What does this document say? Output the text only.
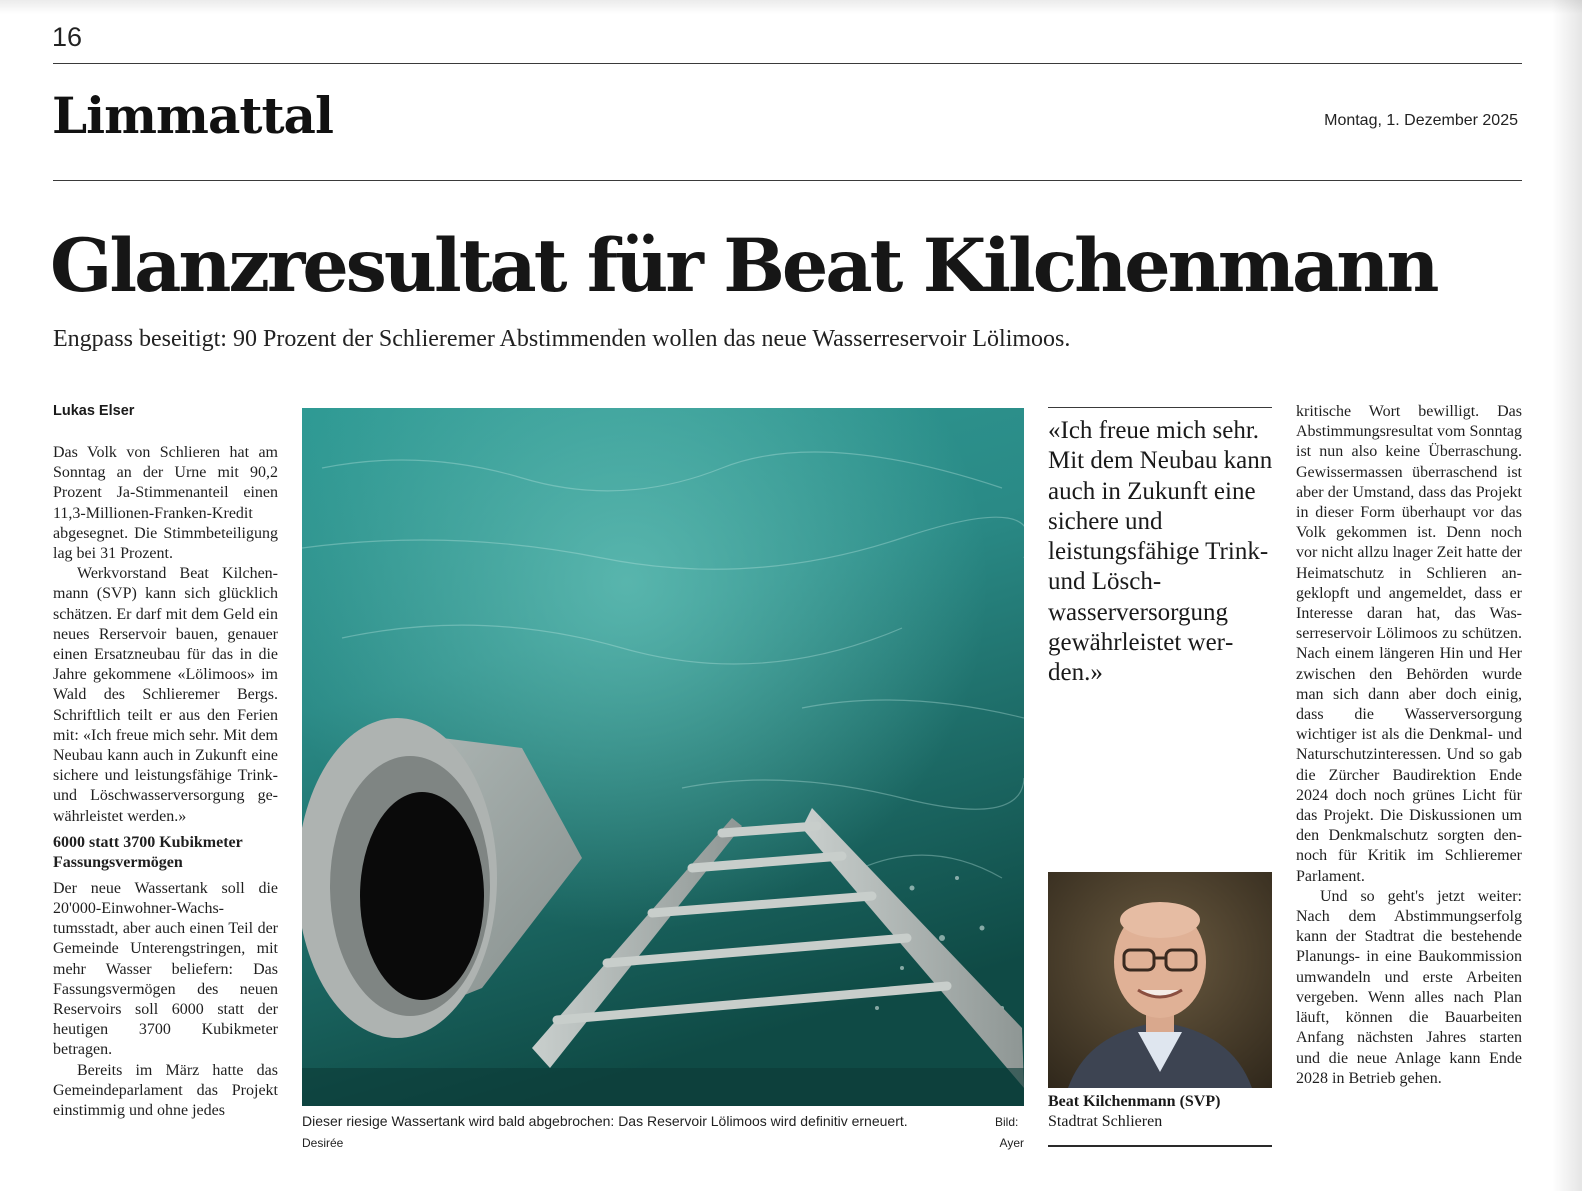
16
Limmattal	Montag, 1. Dezember 2025
Glanzresultat für Beat Kilchenmann
Engpass beseitigt: 90 Prozent der Schlieremer Abstimmenden wollen das neue Wasserreservoir Lölimoos.
Lukas Elser

Das Volk von Schlieren hat am Sonntag an der Urne mit 90,2 Prozent Ja-Stimmenanteil einen 11,3-Millionen-Franken-Kredit abgesegnet. Die Stimmbeteiligung lag bei 31 Prozent.

Werkvorstand Beat Kilchenmann (SVP) kann sich glücklich schätzen. Er darf mit dem Geld ein neues Rerservoir bauen, genauer einen Ersatzneubau für das in die Jahre gekommene «Lölimoos» im Wald des Schlieremer Bergs. Schriftlich teilt er aus den Ferien mit: «Ich freue mich sehr. Mit dem Neubau kann auch in Zukunft eine sichere und leistungsfähige Trink- und Löschwasserversorgung gewährleistet werden.»

6000 statt 3700 Kubikmeter Fassungsvermögen

Der neue Wassertank soll die 20'000-Einwohner-Wachstumsstadt, aber auch einen Teil der Gemeinde Unterengstringen, mit mehr Wasser beliefern: Das Fassungsvermögen des neuen Reservoirs soll 6000 statt der heutigen 3700 Kubikmeter betragen.

Bereits im März hatte das Gemeindeparlament das Projekt einstimmig und ohne jedes

Dieser riesige Wassertank wird bald abgebrochen: Das Reservoir Lölimoos wird definitiv erneuert.	Bild:
Desirée	Ayer
«Ich freue mich sehr. Mit dem Neubau kann auch in Zukunft eine sichere und leistungsfähige Trink- und Löschwasserversorgung gewährleistet werden.»
Beat Kilchenmann (SVP)
Stadtrat Schlieren

kritische Wort bewilligt. Das Abstimmungsresultat vom Sonntag ist nun also keine Überraschung. Gewissermassen überraschend ist aber der Umstand, dass das Projekt in dieser Form überhaupt vor das Volk gekommen ist. Denn noch vor nicht allzu lnager Zeit hatte der Heimatschutz in Schlieren angeklopft und angemeldet, dass er Interesse daran hat, das Wasserreservoir Lölimoos zu schützen. Nach einem längeren Hin und Her zwischen den Behörden wurde man sich dann aber doch einig, dass die Wasserversorgung wichtiger ist als die Denkmal- und Naturschutzinteressen. Und so gab die Zürcher Baudirektion Ende 2024 doch noch grünes Licht für das Projekt. Die Diskussionen um den Denkmalschutz sorgten dennoch für Kritik im Schlieremer Parlament.

Und so geht's jetzt weiter: Nach dem Abstimmungserfolg kann der Stadtrat die bestehende Planungs- in eine Baukommission umwandeln und erste Arbeiten vergeben. Wenn alles nach Plan läuft, können die Bauarbeiten Anfang nächsten Jahres starten und die neue Anlage kann Ende 2028 in Betrieb gehen.
